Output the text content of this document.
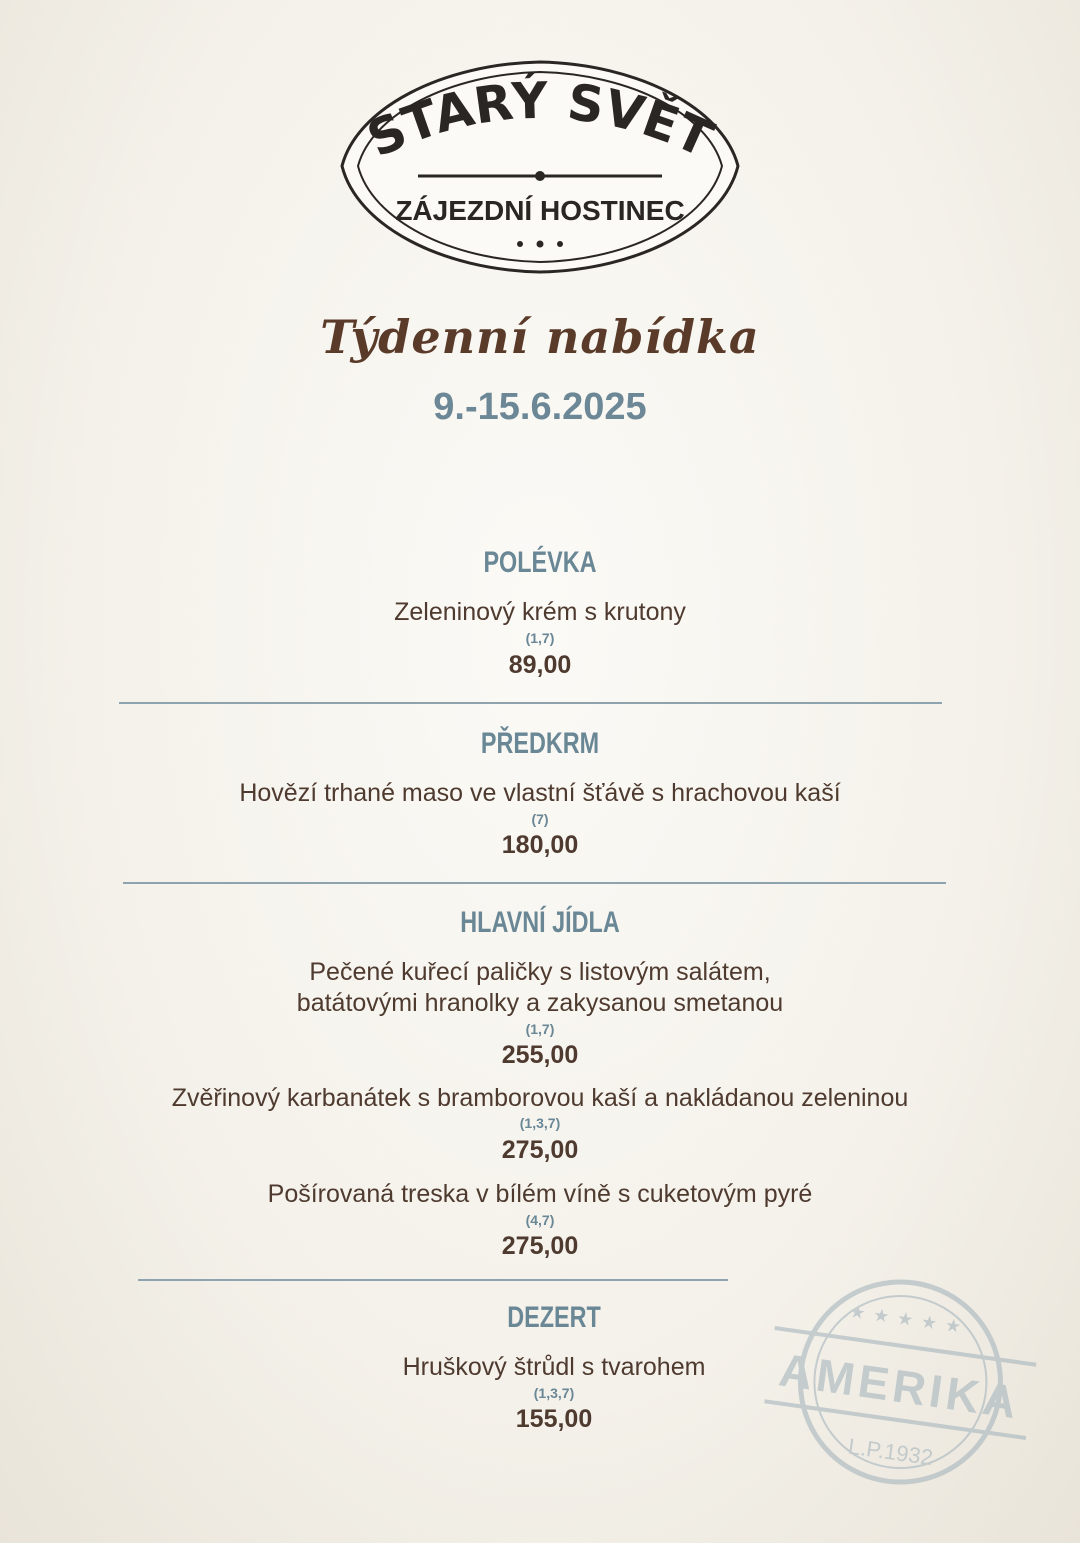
STARÝ SVĚT
ZÁJEZDNÍ HOSTINEC
Týdenní nabídka
9.-15.6.2025
POLÉVKA
Zeleninový krém s krutony
(1,7)
89,00
PŘEDKRM
Hovězí trhané maso ve vlastní šťávě s hrachovou kaší
(7)
180,00
HLAVNÍ JÍDLA
Pečené kuřecí paličky s listovým salátem,
batátovými hranolky a zakysanou smetanou
(1,7)
255,00
Zvěřinový karbanátek s bramborovou kaší a nakládanou zeleninou
(1,3,7)
275,00
Pošírovaná treska v bílém víně s cuketovým pyré
(4,7)
275,00
DEZERT
Hruškový štrůdl s tvarohem
(1,3,7)
155,00	AMERIKA
L.P.1932
★★★★★
